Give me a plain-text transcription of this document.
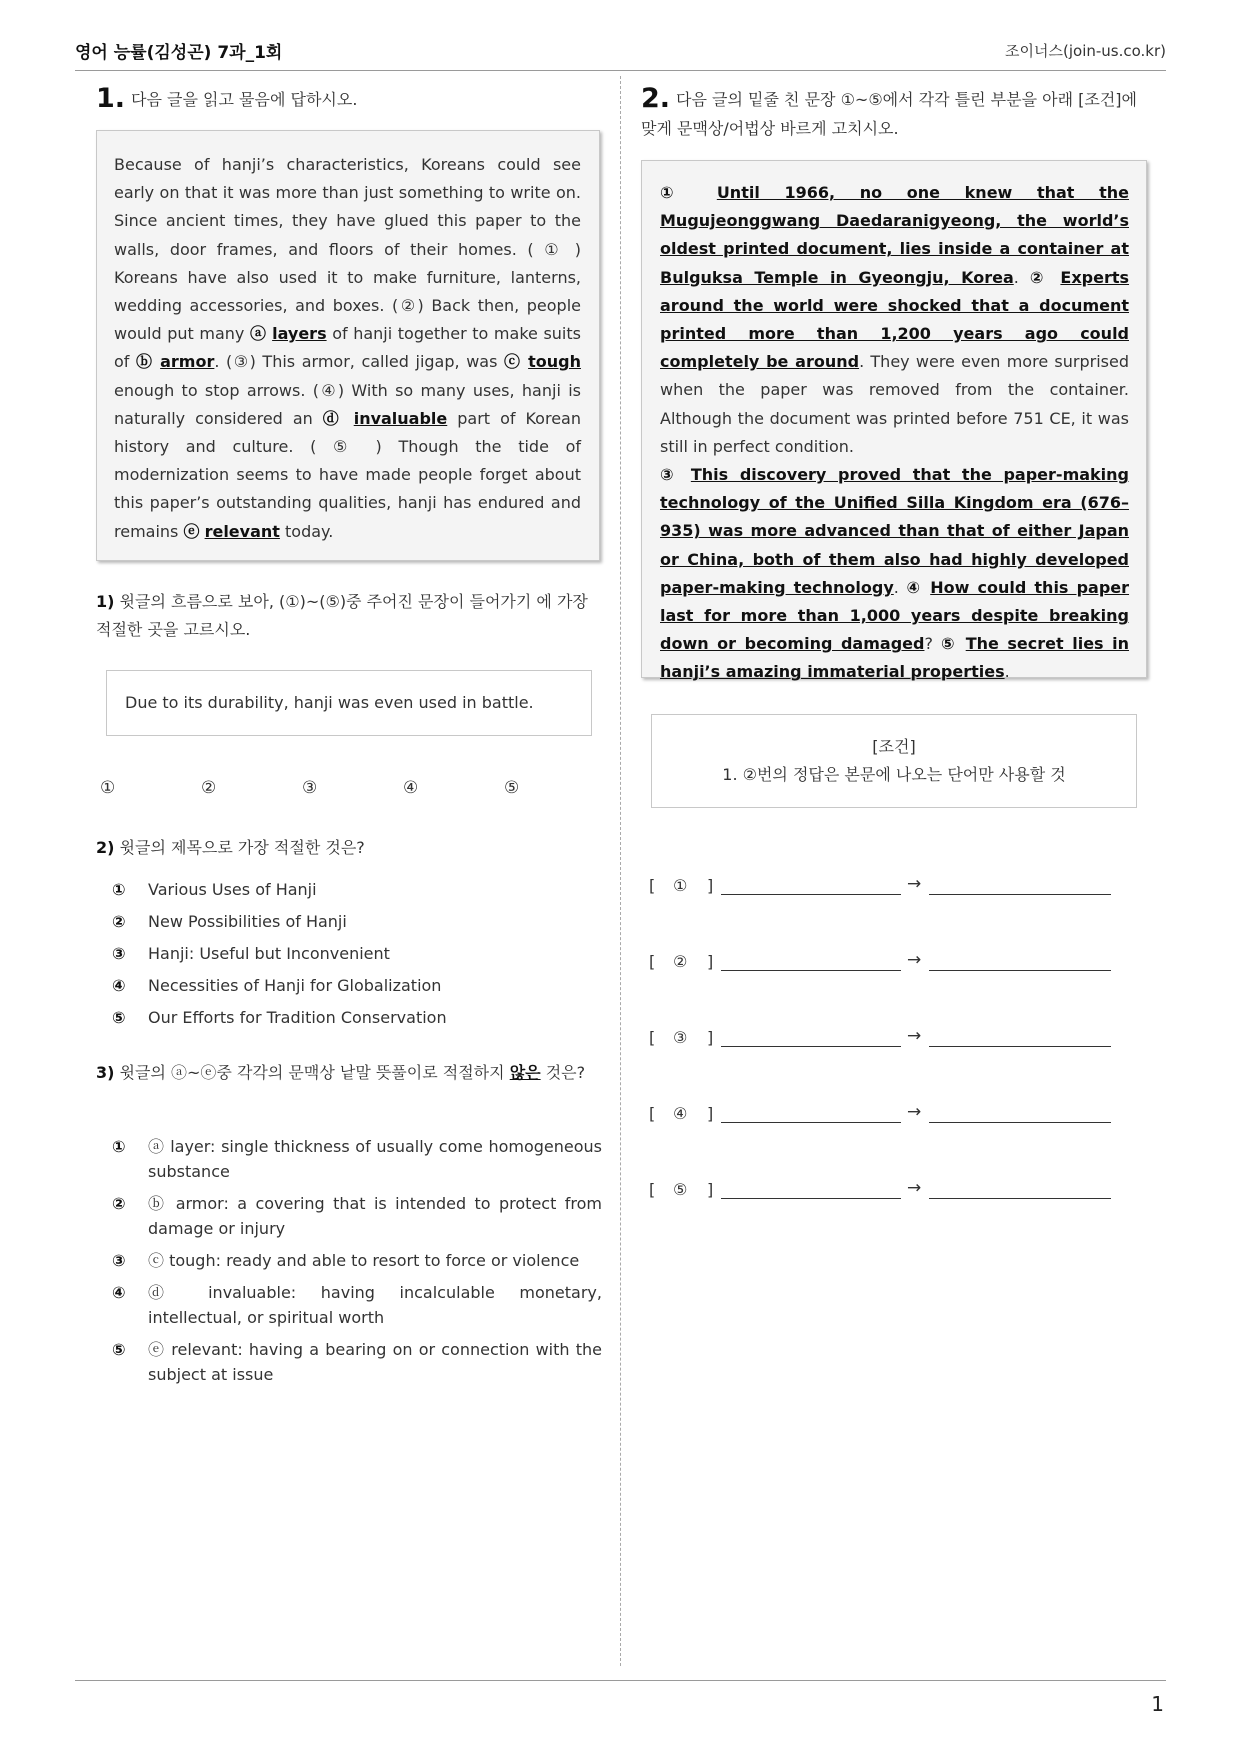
영어 능률(김성곤) 7과_1회	조이너스(join-us.co.kr)
1. 다음 글을 읽고 물음에 답하시오.
Because of hanji’s characteristics, Koreans could see early on that it was more than just something to write on. Since ancient times, they have glued this paper to the walls, door frames, and floors of their homes. ( ① ) Koreans have also used it to make furniture, lanterns, wedding accessories, and boxes. (②) Back then, people would put many ⓐ layers of hanji together to make suits of ⓑ armor. (③) This armor, called jigap, was ⓒ tough enough to stop arrows. (④) With so many uses, hanji is naturally considered an ⓓ invaluable part of Korean history and culture. ( ⑤ ) Though the tide of modernization seems to have made people forget about this paper’s outstanding qualities, hanji has endured and remains ⓔ relevant today.
1) 윗글의 흐름으로 보아, (①)~(⑤)중 주어진 문장이 들어가기 에 가장 적절한 곳을 고르시오.
Due to its durability, hanji was even used in battle.
①	②	③	④	⑤
2) 윗글의 제목으로 가장 적절한 것은?
①	Various Uses of Hanji
②	New Possibilities of Hanji
③	Hanji: Useful but Inconvenient
④	Necessities of Hanji for Globalization
⑤	Our Efforts for Tradition Conservation
3) 윗글의 ⓐ~ⓔ중 각각의 문맥상 낱말 뜻풀이로 적절하지 않은 것은?
①	ⓐ layer: single thickness of usually come homogeneous substance
②	ⓑ armor: a covering that is intended to protect from damage or injury
③	ⓒ tough: ready and able to resort to force or violence
④	ⓓ invaluable: having incalculable monetary, intellectual, or spiritual worth
⑤	ⓔ relevant: having a bearing on or connection with the subject at issue
2. 다음 글의 밑줄 친 문장 ①~⑤에서 각각 틀린 부분을 아래 [조건]에 맞게 문맥상/어법상 바르게 고치시오.
① Until 1966, no one knew that the Mugujeonggwang Daedaranigyeong, the world’s oldest printed document, lies inside a container at Bulguksa Temple in Gyeongju, Korea. ② Experts around the world were shocked that a document printed more than 1,200 years ago could completely be around. They were even more surprised when the paper was removed from the container. Although the document was printed before 751 CE, it was still in perfect condition.
③ This discovery proved that the paper-making technology of the Unified Silla Kingdom era (676–935) was more advanced than that of either Japan or China, both of them also had highly developed paper-making technology. ④ How could this paper last for more than 1,000 years despite breaking down or becoming damaged? ⑤ The secret lies in hanji’s amazing immaterial properties.
[조건]
1. ②번의 정답은 본문에 나오는 단어만 사용할 것
[ ① ]	→
[ ② ]	→
[ ③ ]	→
[ ④ ]	→
[ ⑤ ]	→
1
